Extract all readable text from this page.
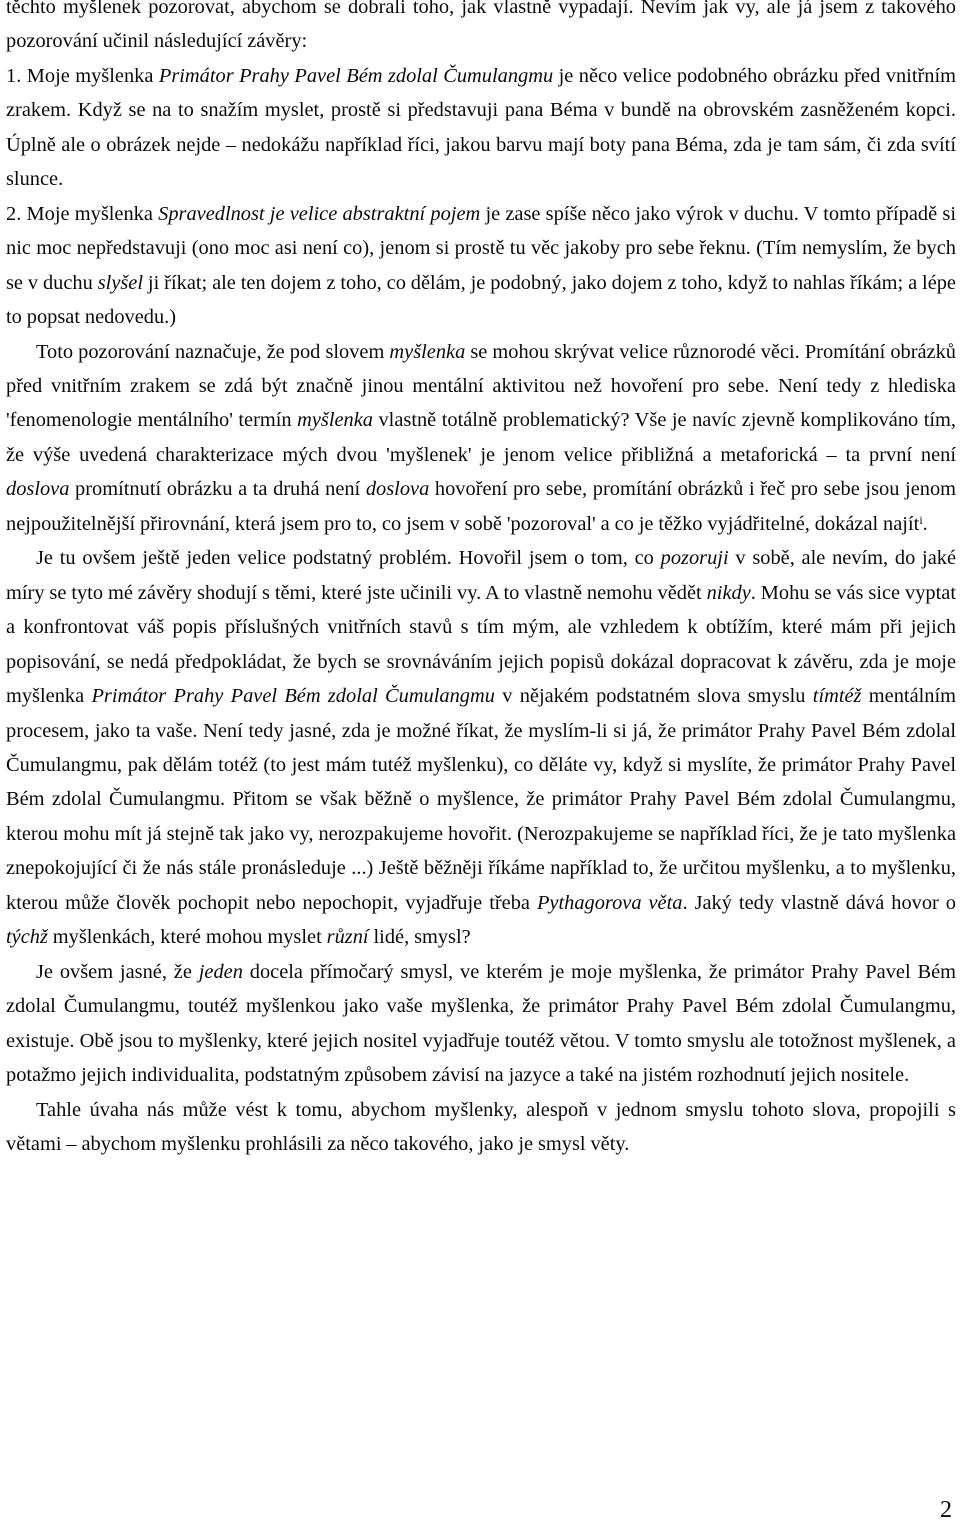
těchto myšlenek pozorovat, abychom se dobrali toho, jak vlastně vypadají. Nevím jak vy, ale já jsem z takového pozorování učinil následující závěry:

1. Moje myšlenka Primátor Prahy Pavel Bém zdolal Čumulangmu je něco velice podobného obrázku před vnitřním zrakem. Když se na to snažím myslet, prostě si představuji pana Béma v bundě na obrovském zasněženém kopci. Úplně ale o obrázek nejde – nedokážu například říci, jakou barvu mají boty pana Béma, zda je tam sám, či zda svítí slunce.

2. Moje myšlenka Spravedlnost je velice abstraktní pojem je zase spíše něco jako výrok v duchu. V tomto případě si nic moc nepředstavuji (ono moc asi není co), jenom si prostě tu věc jakoby pro sebe řeknu. (Tím nemyslím, že bych se v duchu slyšel ji říkat; ale ten dojem z toho, co dělám, je podobný, jako dojem z toho, když to nahlas říkám; a lépe to popsat nedovedu.)

Toto pozorování naznačuje, že pod slovem myšlenka se mohou skrývat velice různorodé věci. Promítání obrázků před vnitřním zrakem se zdá být značně jinou mentální aktivitou než hovoření pro sebe. Není tedy z hlediska 'fenomenologie mentálního' termín myšlenka vlastně totálně problematický? Vše je navíc zjevně komplikováno tím, že výše uvedená charakterizace mých dvou 'myšlenek' je jenom velice přibližná a metaforická – ta první není doslova promítnutí obrázku a ta druhá není doslova hovoření pro sebe, promítání obrázků i řeč pro sebe jsou jenom nejpoužitelnější přirovnání, která jsem pro to, co jsem v sobě 'pozoroval' a co je těžko vyjádřitelné, dokázal najít$^i$.

Je tu ovšem ještě jeden velice podstatný problém. Hovořil jsem o tom, co pozoruji v sobě, ale nevím, do jaké míry se tyto mé závěry shodují s těmi, které jste učinili vy. A to vlastně nemohu vědět nikdy. Mohu se vás sice vyptat a konfrontovat váš popis příslušných vnitřních stavů s tím mým, ale vzhledem k obtížím, které mám při jejich popisování, se nedá předpokládat, že bych se srovnáváním jejich popisů dokázal dopracovat k závěru, zda je moje myšlenka Primátor Prahy Pavel Bém zdolal Čumulangmu v nějakém podstatném slova smyslu tímtéž mentálním procesem, jako ta vaše. Není tedy jasné, zda je možné říkat, že myslím-li si já, že primátor Prahy Pavel Bém zdolal Čumulangmu, pak dělám totéž (to jest mám tutéž myšlenku), co děláte vy, když si myslíte, že primátor Prahy Pavel Bém zdolal Čumulangmu. Přitom se však běžně o myšlence, že primátor Prahy Pavel Bém zdolal Čumulangmu, kterou mohu mít já stejně tak jako vy, nerozpakujeme hovořit. (Nerozpakujeme se například říci, že je tato myšlenka znepokojující či že nás stále pronásleduje ...) Ještě běžněji říkáme například to, že určitou myšlenku, a to myšlenku, kterou může člověk pochopit nebo nepochopit, vyjadřuje třeba Pythagorova věta. Jaký tedy vlastně dává hovor o týchž myšlenkách, které mohou myslet různí lidé, smysl?

Je ovšem jasné, že jeden docela přímočarý smysl, ve kterém je moje myšlenka, že primátor Prahy Pavel Bém zdolal Čumulangmu, toutéž myšlenkou jako vaše myšlenka, že primátor Prahy Pavel Bém zdolal Čumulangmu, existuje. Obě jsou to myšlenky, které jejich nositel vyjadřuje toutéž větou. V tomto smyslu ale totožnost myšlenek, a potažmo jejich individualita, podstatným způsobem závisí na jazyce a také na jistém rozhodnutí jejich nositele.

Tahle úvaha nás může vést k tomu, abychom myšlenky, alespoň v jednom smyslu tohoto slova, propojili s větami – abychom myšlenku prohlásili za něco takového, jako je smysl věty.

2
